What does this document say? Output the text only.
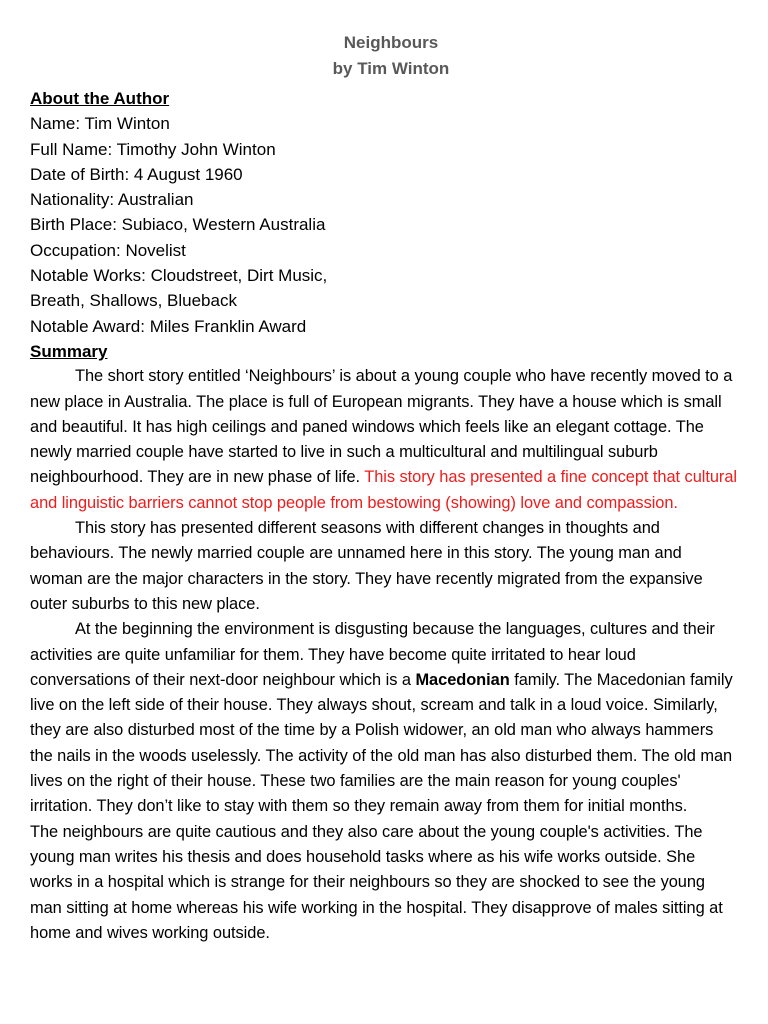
Neighbours
by Tim Winton

About the Author

Name: Tim Winton

Full Name: Timothy John Winton

Date of Birth: 4 August 1960

Nationality: Australian

Birth Place: Subiaco, Western Australia

Occupation: Novelist

Notable Works: Cloudstreet, Dirt Music,

Breath, Shallows, Blueback

Notable Award: Miles Franklin Award

Summary

The short story entitled ‘Neighbours’ is about a young couple who have recently moved to a new place in Australia. The place is full of European migrants. They have a house which is small and beautiful. It has high ceilings and paned windows which feels like an elegant cottage. The newly married couple have started to live in such a multicultural and multilingual suburb neighbourhood. They are in new phase of life. This story has presented a fine concept that cultural and linguistic barriers cannot stop people from bestowing (showing) love and compassion.

This story has presented different seasons with different changes in thoughts and behaviours. The newly married couple are unnamed here in this story. The young man and woman are the major characters in the story. They have recently migrated from the expansive outer suburbs to this new place.

At the beginning the environment is disgusting because the languages, cultures and their activities are quite unfamiliar for them. They have become quite irritated to hear loud conversations of their next-door neighbour which is a Macedonian family. The Macedonian family live on the left side of their house. They always shout, scream and talk in a loud voice. Similarly, they are also disturbed most of the time by a Polish widower, an old man who always hammers the nails in the woods uselessly. The activity of the old man has also disturbed them. The old man lives on the right of their house. These two families are the main reason for young couples' irritation. They don’t like to stay with them so they remain away from them for initial months.

The neighbours are quite cautious and they also care about the young couple's activities. The young man writes his thesis and does household tasks where as his wife works outside. She works in a hospital which is strange for their neighbours so they are shocked to see the young man sitting at home whereas his wife working in the hospital. They disapprove of males sitting at home and wives working outside.
